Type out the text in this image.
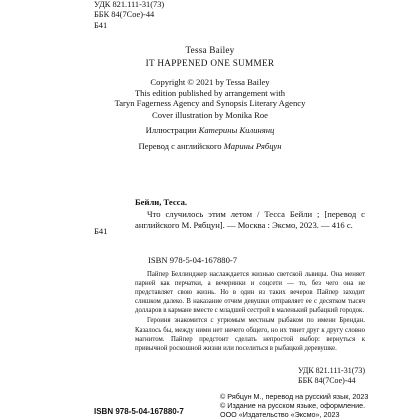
УДК 821.111-31(73)
ББК 84(7Сое)-44
Б41
Tessa Bailey
IT HAPPENED ONE SUMMER
Copyright © 2021 by Tessa Bailey
This edition published by arrangement with
Taryn Fagerness Agency and Synopsis Literary Agency
Cover illustration by Monika Roe
Иллюстрации Катерины Килинянц
Перевод с английского Марины Рябцун
Б41
Бейли, Тесса.

Что случилось этим летом / Тесса Бейли ; [перевод с английского М. Рябцун]. — Москва : Эксмо, 2023. — 416 с.

ISBN 978-5-04-167880-7

Пайпер Беллинджер наслаждается жизнью светской львицы. Она меняет парней как перчатки, а вечеринки и соцсети — то, без чего она не представляет свою жизнь. Но в один из таких вечеров Пайпер заходит слишком далеко. В наказание отчим девушки отправляет ее с десятком тысяч долларов в кармане вместе с младшей сестрой в маленький рыбацкий городок.

Героиня знакомится с угрюмым местным рыбаком по имени Брендан. Казалось бы, между ними нет ничего общего, но их тянет друг к другу словно магнитом. Пайпер предстоит сделать непростой выбор: вернуться к привычной роскошной жизни или поселиться в рыбацкой деревушке.

УДК 821.111-31(73)
ББК 84(7Сое)-44
© Рябцун М., перевод на русский язык, 2023
© Издание на русском языке, оформление.
ООО «Издательство «Эксмо», 2023
ISBN 978-5-04-167880-7
